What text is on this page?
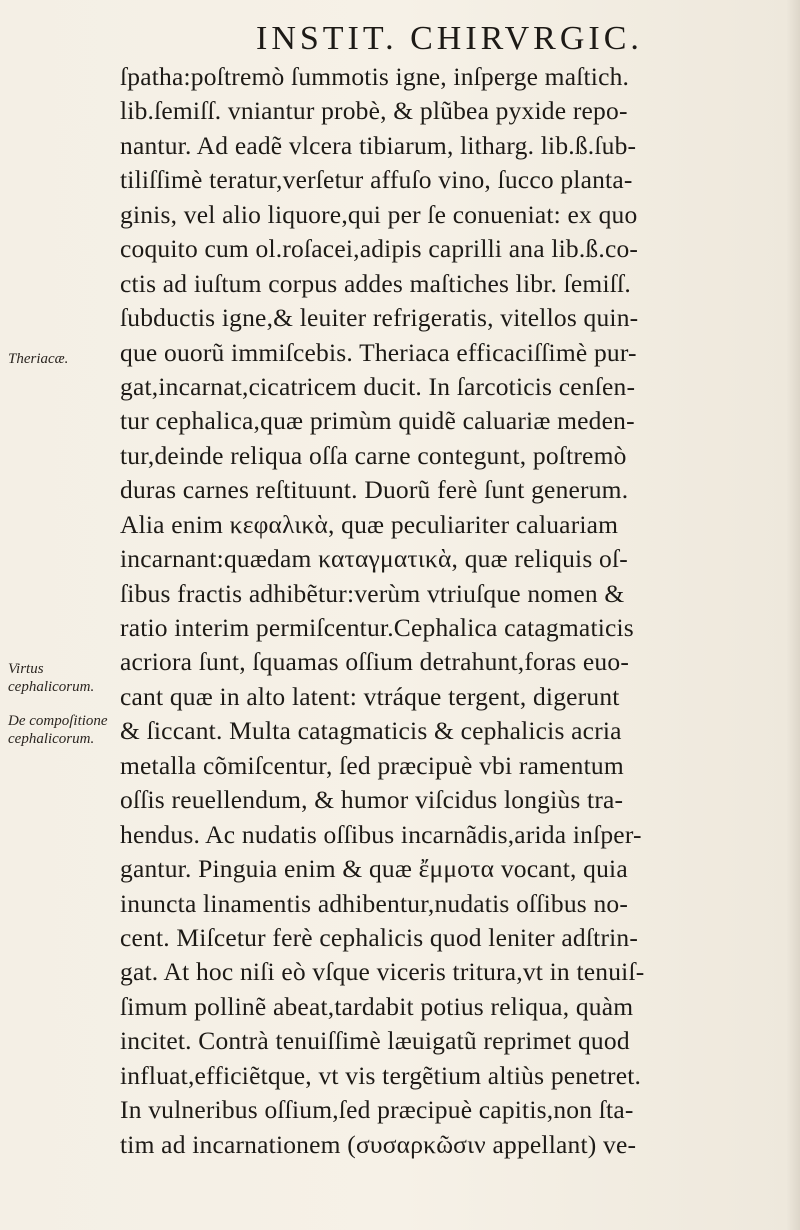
INSTIT. CHIRVRGIC.
ſpatha:poſtremò ſummotis igne, inſperge maſtich.
lib.ſemiſſ. vniantur probè, & plũbea pyxide repo-
nantur. Ad eadẽ vlcera tibiarum, litharg. lib.ß.ſub-
tiliſſimè teratur,verſetur affuſo vino, ſucco planta-
ginis, vel alio liquore,qui per ſe conueniat: ex quo
coquito cum ol.roſacei,adipis caprilli ana lib.ß.co-
ctis ad iuſtum corpus addes maſtiches libr. ſemiſſ.
ſubductis igne,& leuiter refrigeratis, vitellos quin-
que ouorũ immiſcebis. Theriaca efficaciſſimè pur-
gat,incarnat,cicatricem ducit. In ſarcoticis cenſen-
tur cephalica,quæ primùm quidẽ caluariæ meden-
tur,deinde reliqua oſſa carne contegunt, poſtremò
duras carnes reſtituunt. Duorũ ferè ſunt generum.
Alia enim κεφαλικὰ, quæ peculiariter caluariam
incarnant:quædam καταγματικὰ, quæ reliquis oſ-
ſibus fractis adhibẽtur:verùm vtriuſque nomen &
ratio interim permiſcentur.Cephalica catagmaticis
acriora ſunt, ſquamas oſſium detrahunt,foras euo-
cant quæ in alto latent: vtráque tergent, digerunt
& ſiccant. Multa catagmaticis & cephalicis acria
metalla cõmiſcentur, ſed præcipuè vbi ramentum
oſſis reuellendum, & humor viſcidus longiùs tra-
hendus. Ac nudatis oſſibus incarnãdis,arida inſper-
gantur. Pinguia enim & quæ ἔμμοτα vocant, quia
inuncta linamentis adhibentur,nudatis oſſibus no-
cent. Miſcetur ferè cephalicis quod leniter adſtrin-
gat. At hoc niſi eò vſque viceris tritura,vt in tenuiſ-
ſimum pollinẽ abeat,tardabit potius reliqua, quàm
incitet. Contrà tenuiſſimè læuigatũ reprimet quod
influat,efficiẽtque, vt vis tergẽtium altiùs penetret.
In vulneribus oſſium,ſed præcipuè capitis,non ſta-
tim ad incarnationem (συσαρκῶσιν appellant) ve-
Theriacæ.
Virtus cephalicorum.
De compoſitione cephalicorum.
